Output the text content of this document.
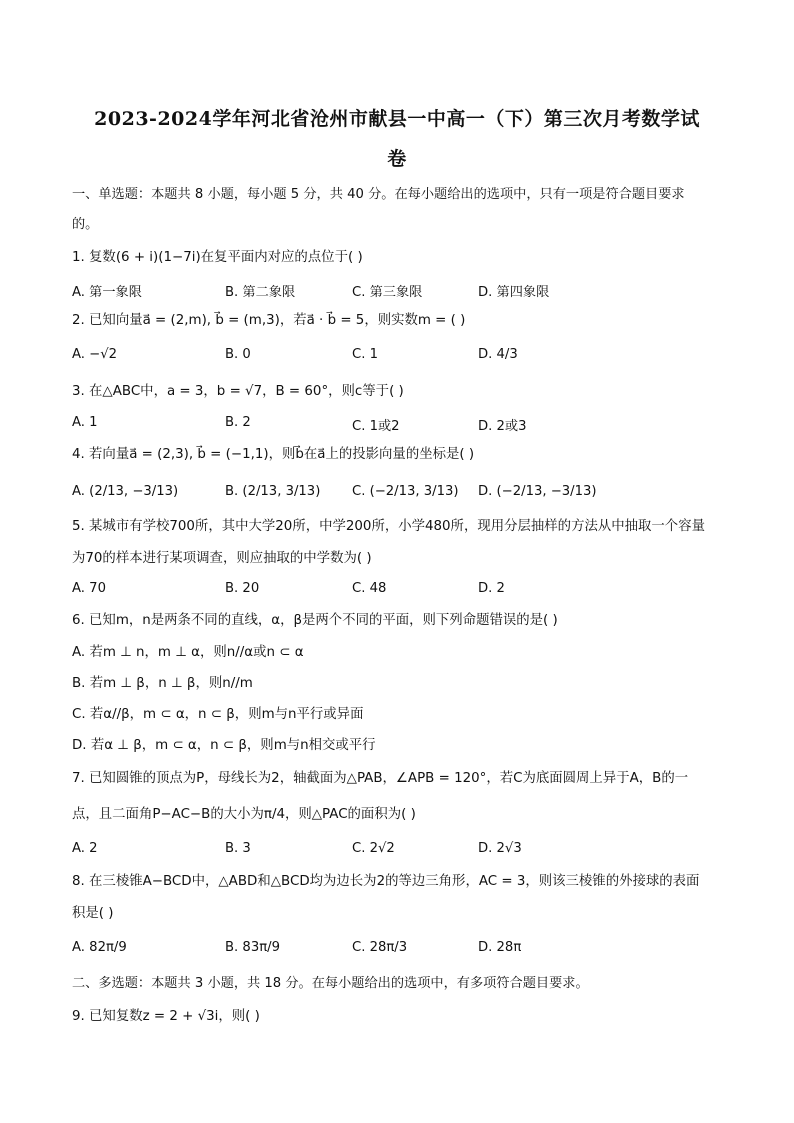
2023-2024学年河北省沧州市献县一中高一（下）第三次月考数学试
卷
一、单选题：本题共 8 小题，每小题 5 分，共 40 分。在每小题给出的选项中，只有一项是符合题目要求
的。
1. 复数(6 + i)(1−7i)在复平面内对应的点位于( )
A. 第一象限	B. 第二象限	C. 第三象限	D. 第四象限
2. 已知向量a⃗ = (2,m), b⃗ = (m,3)，若a⃗ · b⃗ = 5，则实数m = ( )
A. −√2	B. 0	C. 1	D. 4/3
3. 在△ABC中，a = 3，b = √7，B = 60°，则c等于( )
A. 1	B. 2	C. 1或2	D. 2或3
4. 若向量a⃗ = (2,3), b⃗ = (−1,1)，则b⃗在a⃗上的投影向量的坐标是( )
A. (2/13, −3/13)	B. (2/13, 3/13) C. (−2/13, 3/13) D. (−2/13, −3/13)
5. 某城市有学校700所，其中大学20所，中学200所，小学480所，现用分层抽样的方法从中抽取一个容量
为70的样本进行某项调查，则应抽取的中学数为( )
A. 70	B. 20	C. 48	D. 2
6. 已知m，n是两条不同的直线，α，β是两个不同的平面，则下列命题错误的是( )
A. 若m ⊥ n，m ⊥ α，则n//α或n ⊂ α
B. 若m ⊥ β，n ⊥ β，则n//m
C. 若α//β，m ⊂ α，n ⊂ β，则m与n平行或异面
D. 若α ⊥ β，m ⊂ α，n ⊂ β，则m与n相交或平行
7. 已知圆锥的顶点为P，母线长为2，轴截面为△PAB，∠APB = 120°，若C为底面圆周上异于A，B的一
点，且二面角P−AC−B的大小为π/4，则△PAC的面积为( )
A. 2	B. 3	C. 2√2	D. 2√3
8. 在三棱锥A−BCD中，△ABD和△BCD均为边长为2的等边三角形，AC = 3，则该三棱锥的外接球的表面
积是( )
A. 82π/9	B. 83π/9	C. 28π/3	D. 28π
二、多选题：本题共 3 小题，共 18 分。在每小题给出的选项中，有多项符合题目要求。
9. 已知复数z = 2 + √3i，则( )
